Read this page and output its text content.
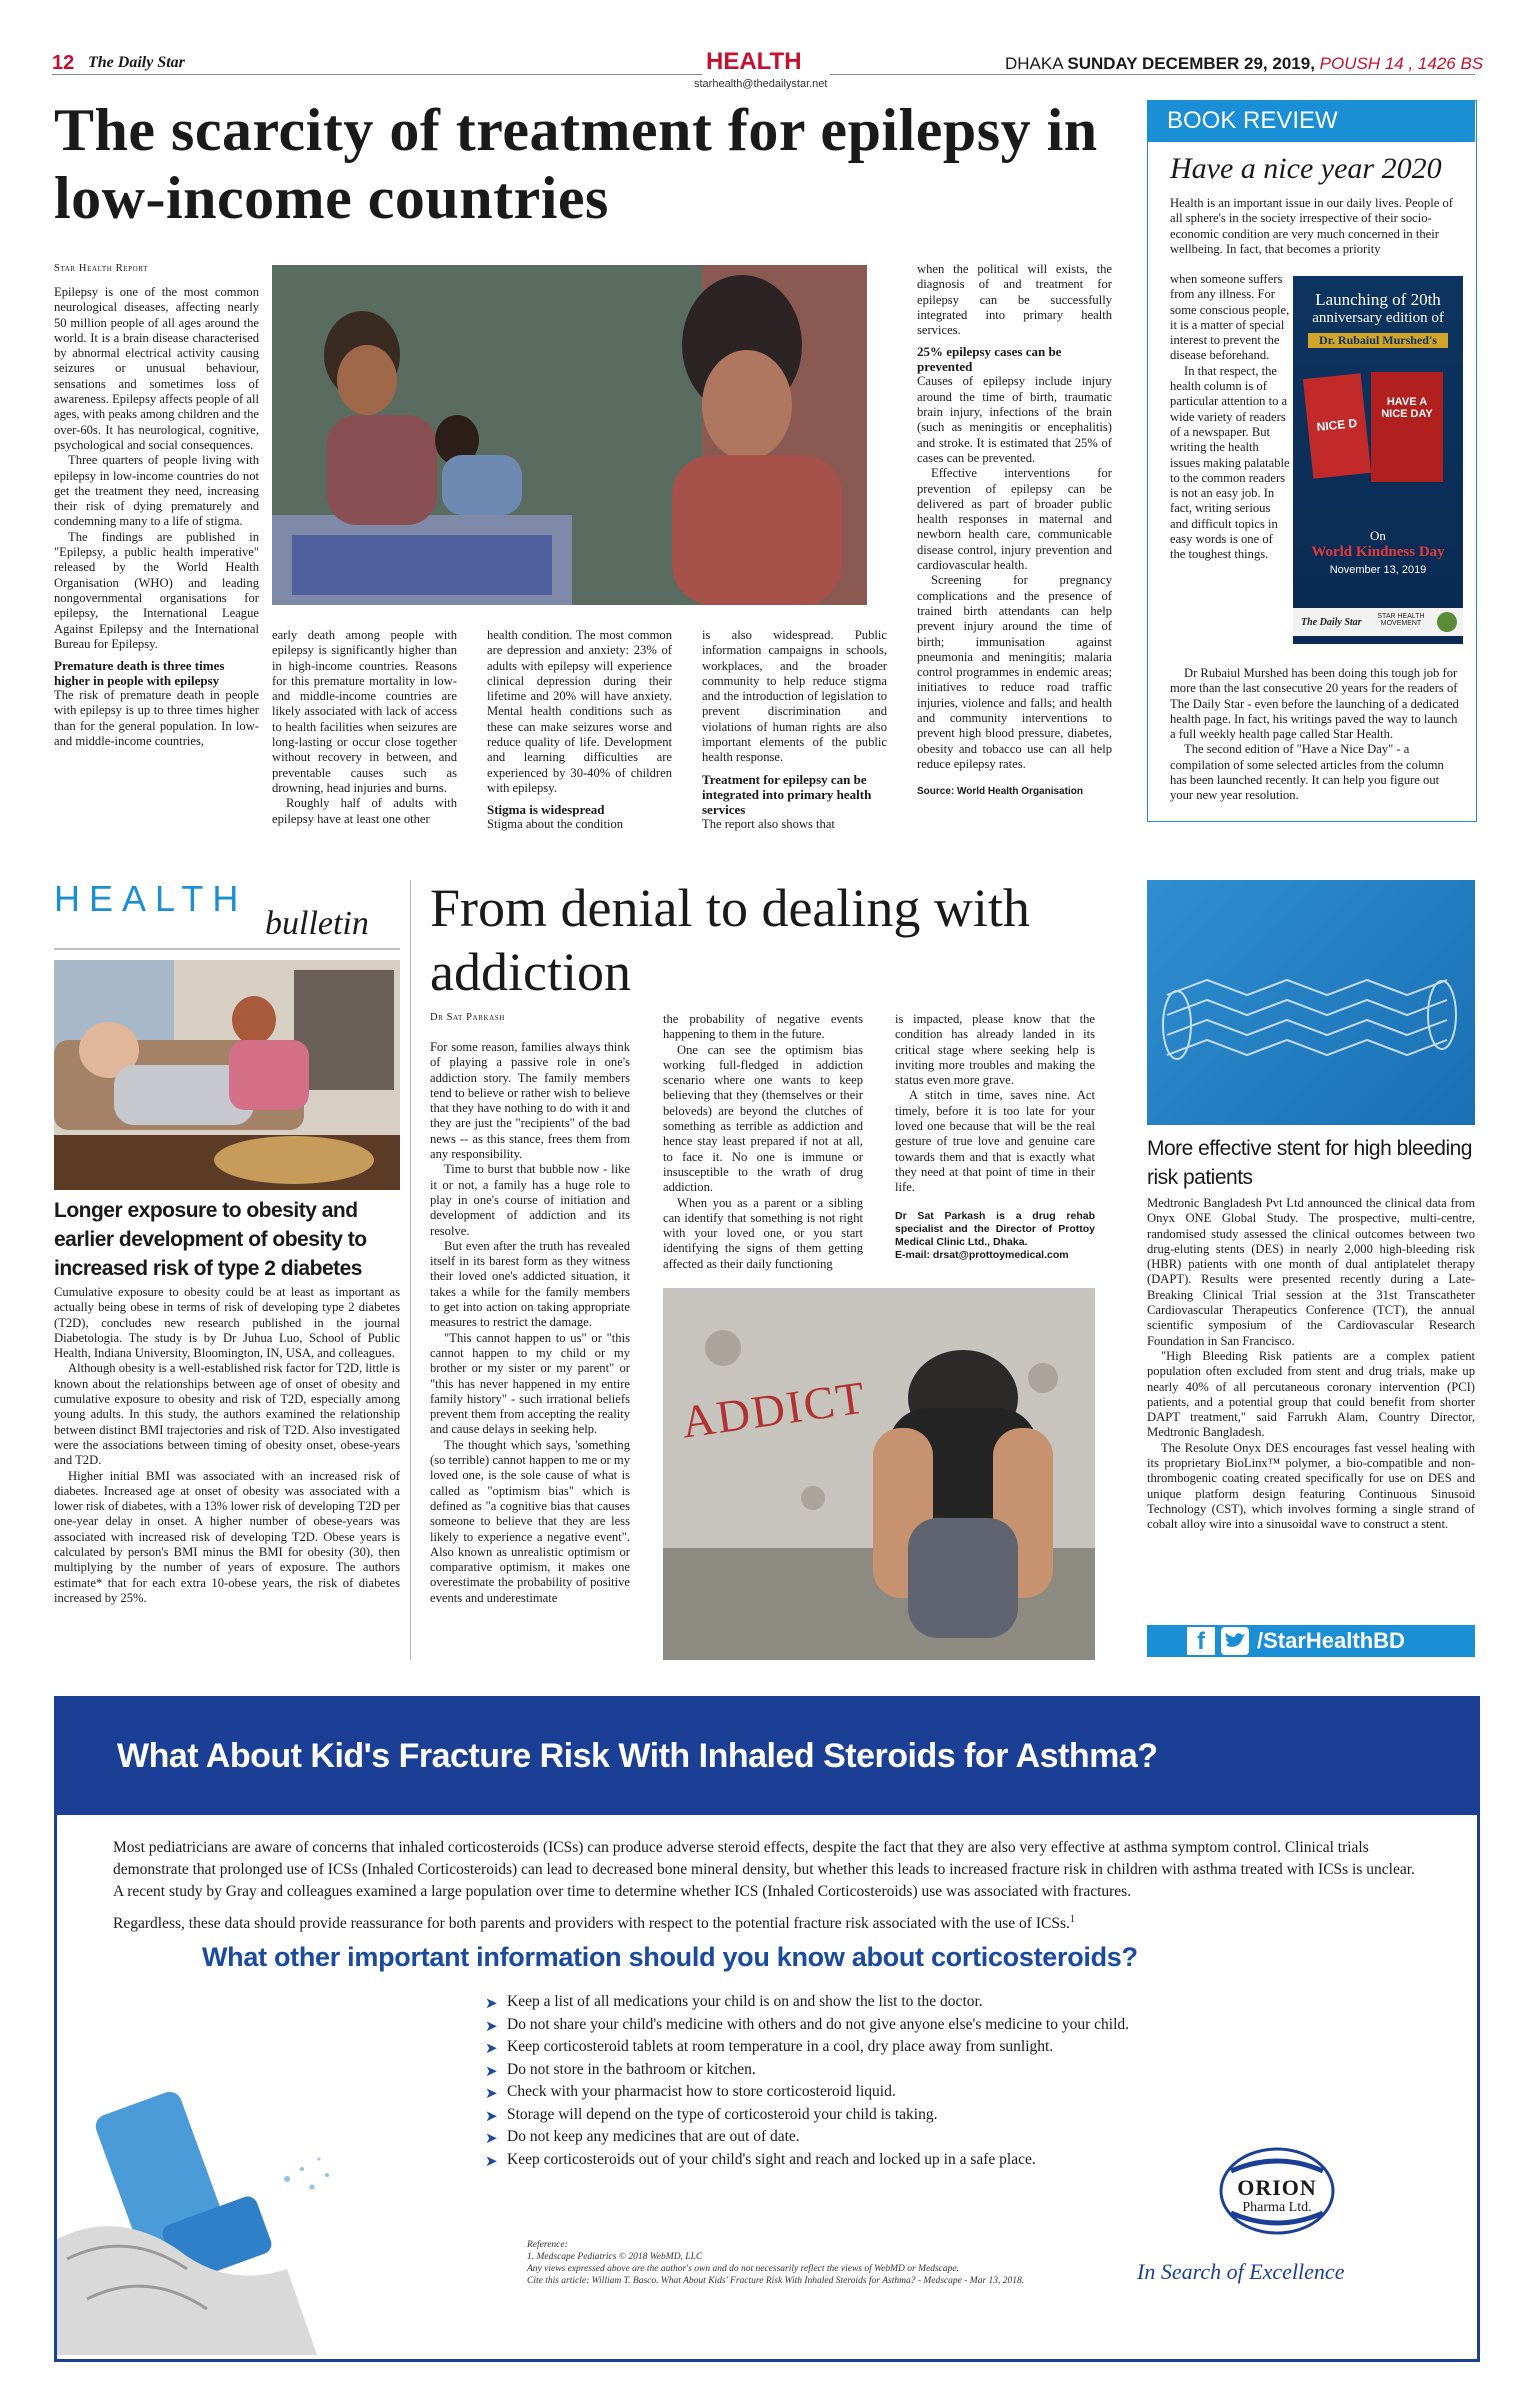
12 The Daily Star	HEALTH
starhealth@thedailystar.net
DHAKA SUNDAY DECEMBER 29, 2019, POUSH 14 , 1426 BS
The scarcity of treatment for epilepsy in low-income countries
Star Health Report

Epilepsy is one of the most common neurological diseases, affecting nearly 50 million people of all ages around the world. It is a brain disease characterised by abnormal electrical activity causing seizures or unusual behaviour, sensations and sometimes loss of awareness. Epilepsy affects people of all ages, with peaks among children and the over-60s. It has neurological, cognitive, psychological and social consequences.

Three quarters of people living with epilepsy in low-income countries do not get the treatment they need, increasing their risk of dying prematurely and condemning many to a life of stigma.

The findings are published in "Epilepsy, a public health imperative" released by the World Health Organisation (WHO) and leading nongovernmental organisations for epilepsy, the International League Against Epilepsy and the International Bureau for Epilepsy.

Premature death is three times higher in people with epilepsy

The risk of premature death in people with epilepsy is up to three times higher than for the general population. In low- and middle-income countries,

early death among people with epilepsy is significantly higher than in high-income countries. Reasons for this premature mortality in low- and middle-income countries are likely associated with lack of access to health facilities when seizures are long-lasting or occur close together without recovery in between, and preventable causes such as drowning, head injuries and burns.

Roughly half of adults with epilepsy have at least one other

health condition. The most common are depression and anxiety: 23% of adults with epilepsy will experience clinical depression during their lifetime and 20% will have anxiety. Mental health conditions such as these can make seizures worse and reduce quality of life. Development and learning difficulties are experienced by 30-40% of children with epilepsy.

Stigma is widespread

Stigma about the condition

is also widespread. Public information campaigns in schools, workplaces, and the broader community to help reduce stigma and the introduction of legislation to prevent discrimination and violations of human rights are also important elements of the public health response.

Treatment for epilepsy can be integrated into primary health services

The report also shows that

when the political will exists, the diagnosis of and treatment for epilepsy can be successfully integrated into primary health services.

25% epilepsy cases can be prevented

Causes of epilepsy include injury around the time of birth, traumatic brain injury, infections of the brain (such as meningitis or encephalitis) and stroke. It is estimated that 25% of cases can be prevented.

Effective interventions for prevention of epilepsy can be delivered as part of broader public health responses in maternal and newborn health care, communicable disease control, injury prevention and cardiovascular health.

Screening for pregnancy complications and the presence of trained birth attendants can help prevent injury around the time of birth; immunisation against pneumonia and meningitis; malaria control programmes in endemic areas; initiatives to reduce road traffic injuries, violence and falls; and health and community interventions to prevent high blood pressure, diabetes, obesity and tobacco use can all help reduce epilepsy rates.

Source: World Health Organisation
BOOK REVIEW
Have a nice year 2020
Health is an important issue in our daily lives. People of all sphere's in the society irrespective of their socio-economic condition are very much concerned in their wellbeing. In fact, that becomes a priority

when someone suffers from any illness. For some conscious people, it is a matter of special interest to prevent the disease beforehand.

In that respect, the health column is of particular attention to a wide variety of readers of a newspaper. But writing the health issues making palatable to the common readers is not an easy job. In fact, writing serious and difficult topics in easy words is one of the toughest things.

Launching of 20th
anniversary edition of
Dr. Rubaiul Murshed's
NICE D
HAVE A NICE DAY
On
World Kindness Day
November 13, 2019
The Daily Star
STAR HEALTH MOVEMENT

Dr Rubaiul Murshed has been doing this tough job for more than the last consecutive 20 years for the readers of The Daily Star - even before the launching of a dedicated health page. In fact, his writings paved the way to launch a full weekly health page called Star Health.

The second edition of "Have a Nice Day" - a compilation of some selected articles from the column has been launched recently. It can help you figure out your new year resolution.

HEALTH
bulletin
Longer exposure to obesity and earlier development of obesity to increased risk of type 2 diabetes

Cumulative exposure to obesity could be at least as important as actually being obese in terms of risk of developing type 2 diabetes (T2D), concludes new research published in the journal Diabetologia. The study is by Dr Juhua Luo, School of Public Health, Indiana University, Bloomington, IN, USA, and colleagues.

Although obesity is a well-established risk factor for T2D, little is known about the relationships between age of onset of obesity and cumulative exposure to obesity and risk of T2D, especially among young adults. In this study, the authors examined the relationship between distinct BMI trajectories and risk of T2D. Also investigated were the associations between timing of obesity onset, obese-years and T2D.

Higher initial BMI was associated with an increased risk of diabetes. Increased age at onset of obesity was associated with a lower risk of diabetes, with a 13% lower risk of developing T2D per one-year delay in onset. A higher number of obese-years was associated with increased risk of developing T2D. Obese years is calculated by person's BMI minus the BMI for obesity (30), then multiplying by the number of years of exposure. The authors estimate* that for each extra 10-obese years, the risk of diabetes increased by 25%.

From denial to dealing with addiction
Dr Sat Parkash

For some reason, families always think of playing a passive role in one's addiction story. The family members tend to believe or rather wish to believe that they have nothing to do with it and they are just the "recipients" of the bad news -- as this stance, frees them from any responsibility.

Time to burst that bubble now - like it or not, a family has a huge role to play in one's course of initiation and development of addiction and its resolve.

But even after the truth has revealed itself in its barest form as they witness their loved one's addicted situation, it takes a while for the family members to get into action on taking appropriate measures to restrict the damage.

"This cannot happen to us" or "this cannot happen to my child or my brother or my sister or my parent" or "this has never happened in my entire family history" - such irrational beliefs prevent them from accepting the reality and cause delays in seeking help.

The thought which says, 'something (so terrible) cannot happen to me or my loved one, is the sole cause of what is called as "optimism bias" which is defined as "a cognitive bias that causes someone to believe that they are less likely to experience a negative event". Also known as unrealistic optimism or comparative optimism, it makes one overestimate the probability of positive events and underestimate

the probability of negative events happening to them in the future.

One can see the optimism bias working full-fledged in addiction scenario where one wants to keep believing that they (themselves or their beloveds) are beyond the clutches of something as terrible as addiction and hence stay least prepared if not at all, to face it. No one is immune or insusceptible to the wrath of drug addiction.

When you as a parent or a sibling can identify that something is not right with your loved one, or you start identifying the signs of them getting affected as their daily functioning

is impacted, please know that the condition has already landed in its critical stage where seeking help is inviting more troubles and making the status even more grave.

A stitch in time, saves nine. Act timely, before it is too late for your loved one because that will be the real gesture of true love and genuine care towards them and that is exactly what they need at that point of time in their life.

Dr Sat Parkash is a drug rehab specialist and the Director of Prottoy Medical Clinic Ltd., Dhaka.
E-mail: drsat@prottoymedical.com
ADDICT
More effective stent for high bleeding risk patients

Medtronic Bangladesh Pvt Ltd announced the clinical data from Onyx ONE Global Study. The prospective, multi-centre, randomised study assessed the clinical outcomes between two drug-eluting stents (DES) in nearly 2,000 high-bleeding risk (HBR) patients with one month of dual antiplatelet therapy (DAPT). Results were presented recently during a Late-Breaking Clinical Trial session at the 31st Transcatheter Cardiovascular Therapeutics Conference (TCT), the annual scientific symposium of the Cardiovascular Research Foundation in San Francisco.

"High Bleeding Risk patients are a complex patient population often excluded from stent and drug trials, make up nearly 40% of all percutaneous coronary intervention (PCI) patients, and a potential group that could benefit from shorter DAPT treatment," said Farrukh Alam, Country Director, Medtronic Bangladesh.

The Resolute Onyx DES encourages fast vessel healing with its proprietary BioLinx™ polymer, a bio-compatible and non-thrombogenic coating created specifically for use on DES and unique platform design featuring Continuous Sinusoid Technology (CST), which involves forming a single strand of cobalt alloy wire into a sinusoidal wave to construct a stent.

f	/StarHealthBD
What About Kid's Fracture Risk With Inhaled Steroids for Asthma?
Most pediatricians are aware of concerns that inhaled corticosteroids (ICSs) can produce adverse steroid effects, despite the fact that they are also very effective at asthma symptom control. Clinical trials demonstrate that prolonged use of ICSs (Inhaled Corticosteroids) can lead to decreased bone mineral density, but whether this leads to increased fracture risk in children with asthma treated with ICSs is unclear. A recent study by Gray and colleagues examined a large population over time to determine whether ICS (Inhaled Corticosteroids) use was associated with fractures.
Regardless, these data should provide reassurance for both parents and providers with respect to the potential fracture risk associated with the use of ICSs.$^1$
What other important information should you know about corticosteroids?
➤ Keep a list of all medications your child is on and show the list to the doctor.
➤ Do not share your child's medicine with others and do not give anyone else's medicine to your child.
➤ Keep corticosteroid tablets at room temperature in a cool, dry place away from sunlight.
➤ Do not store in the bathroom or kitchen.
➤ Check with your pharmacist how to store corticosteroid liquid.
➤ Storage will depend on the type of corticosteroid your child is taking.
➤ Do not keep any medicines that are out of date.
➤ Keep corticosteroids out of your child's sight and reach and locked up in a safe place.
Reference:
1. Medscape Pediatrics © 2018 WebMD, LLC
Any views expressed above are the author's own and do not necessarily reflect the views of WebMD or Medscape.
Cite this article: William T. Basco. What About Kids' Fracture Risk With Inhaled Steroids for Asthma? - Medscape - Mar 13, 2018.
ORION
Pharma Ltd.
In Search of Excellence
